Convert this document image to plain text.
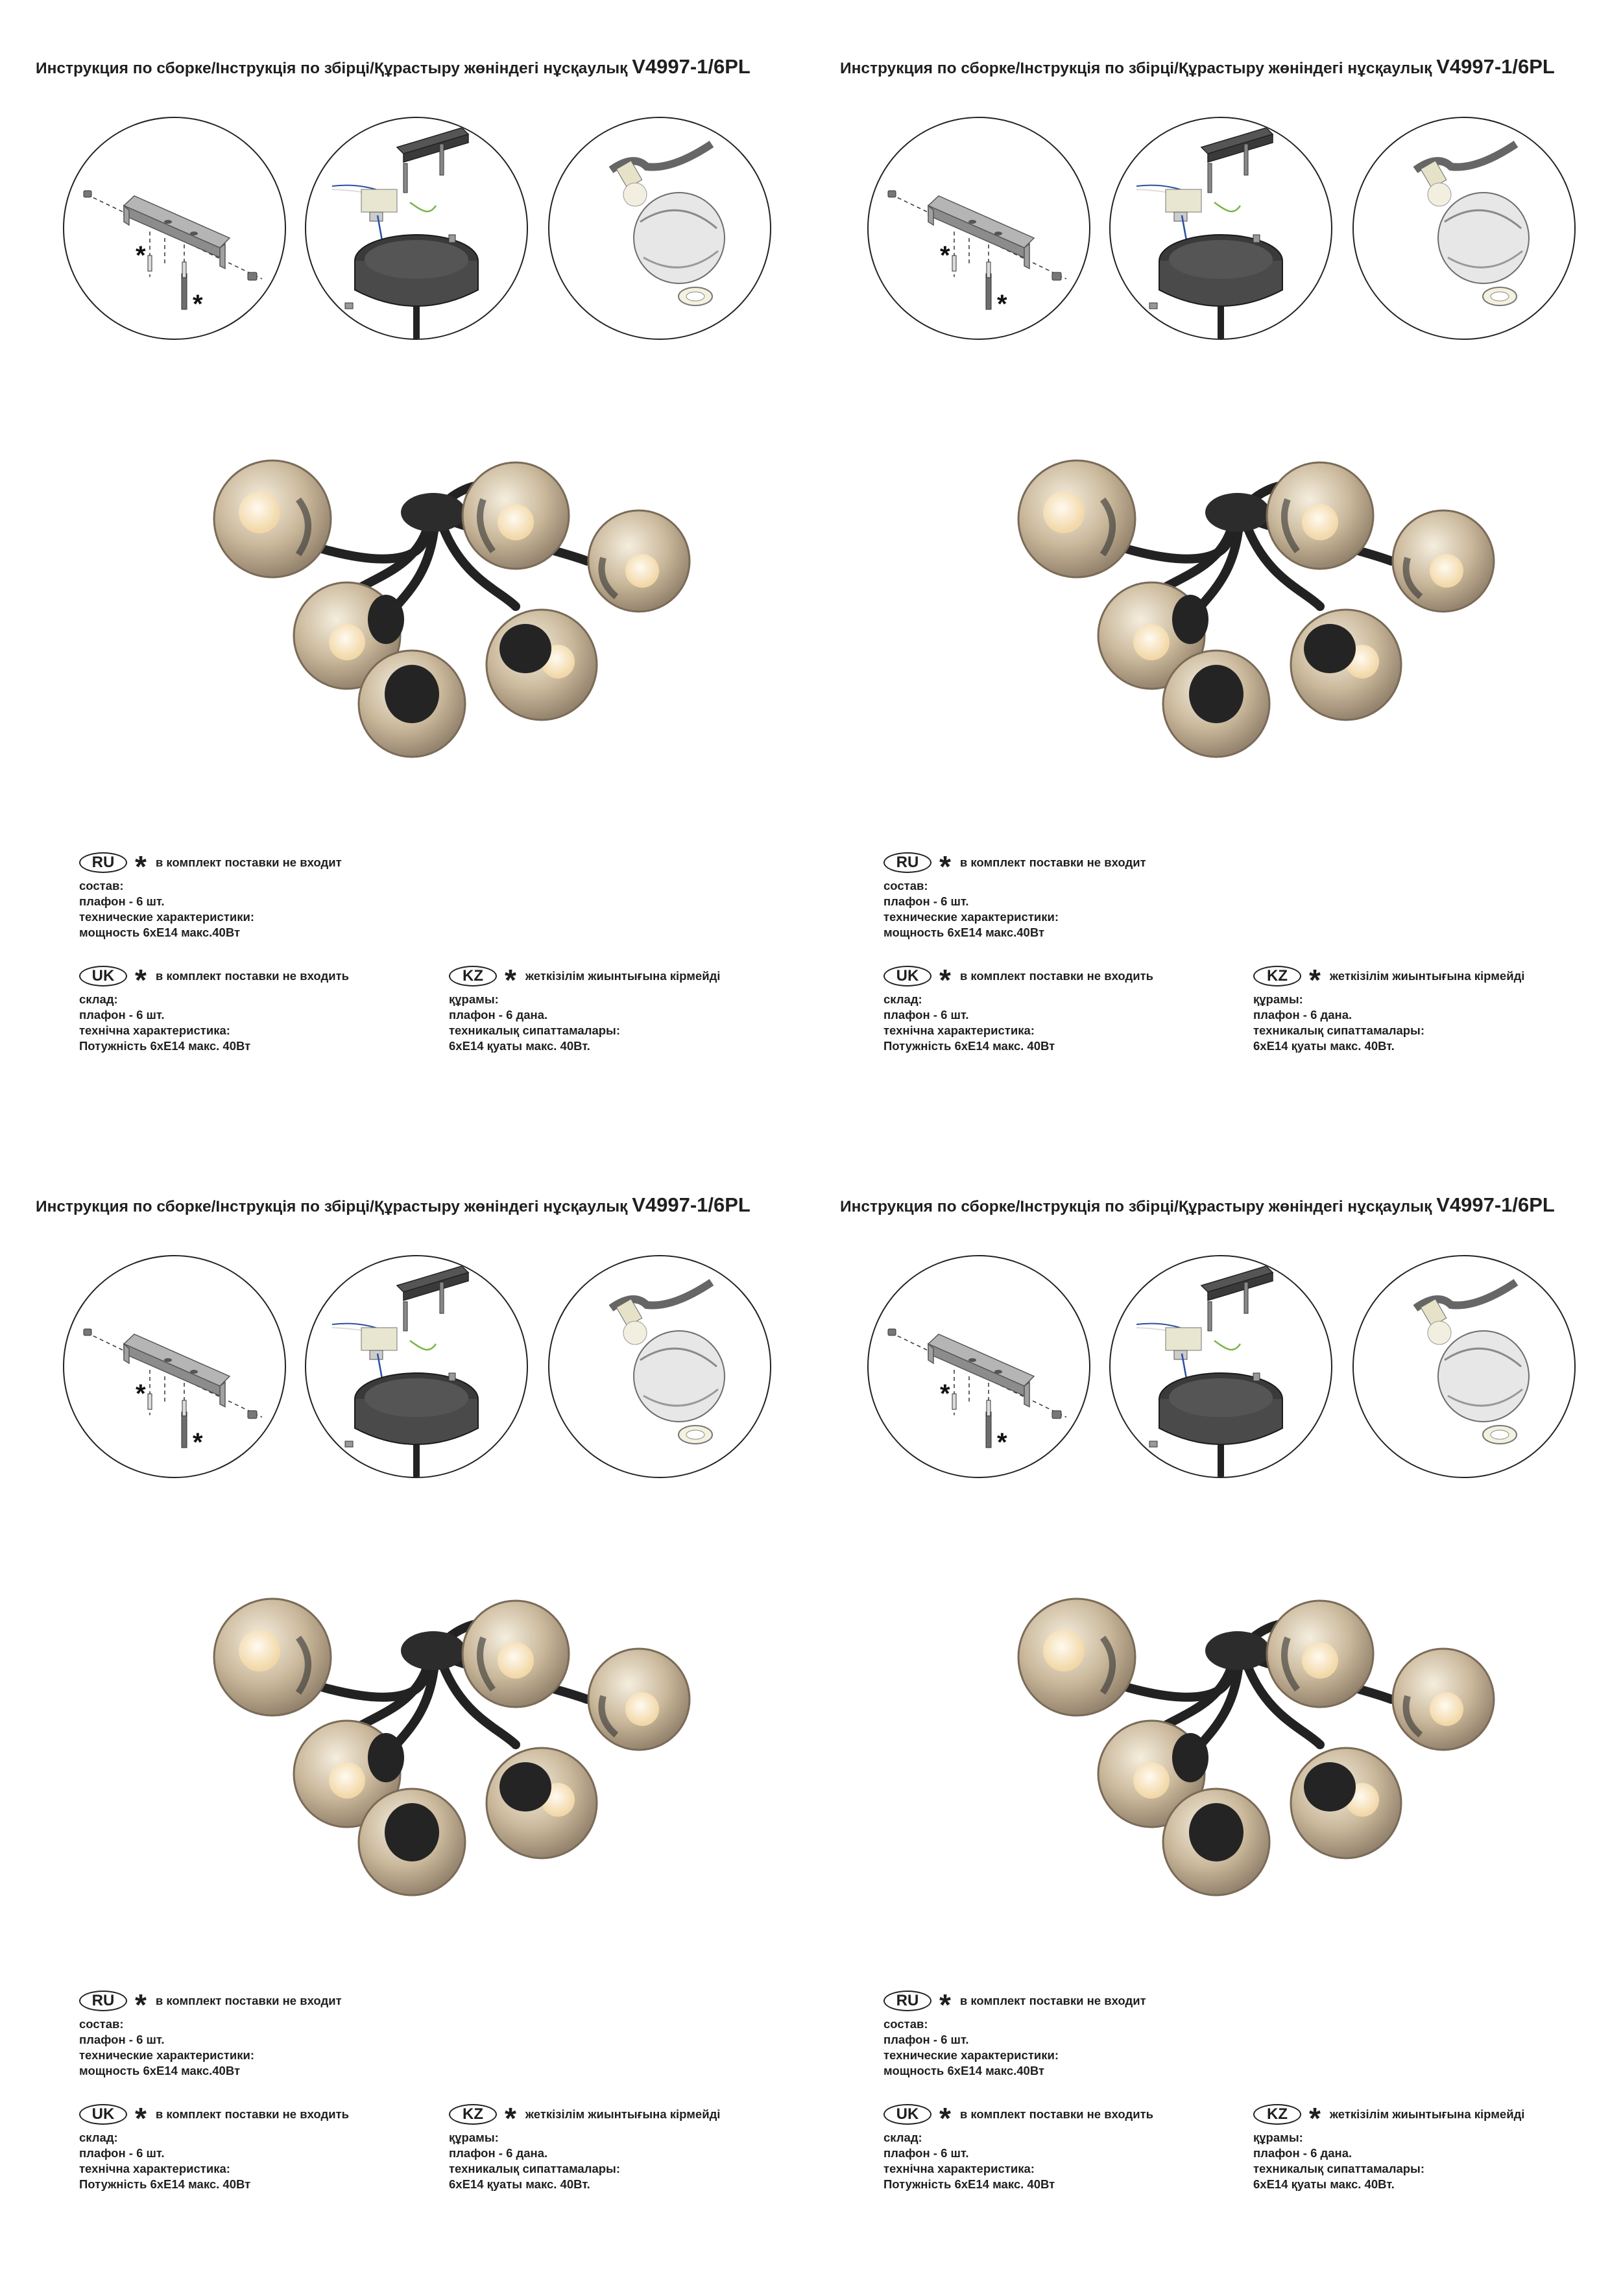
Инструкция по сборке/Інструкція по збірці/Құрастыру жөніндегі нұсқаулық V4997-1/6PL
*
*
RU * в комплект поставки не входит
состав:
плафон - 6 шт.
технические характеристики:
мощность 6хЕ14 макс.40Вт
UK * в комплект поставки не входить
склад:
плафон - 6 шт.
технічна характеристика:
Потужність 6хЕ14 макс. 40Вт
KZ * жеткізілім жиынтығына кірмейді
құрамы:
плафон - 6 дана.
техникалық сипаттамалары:
6хЕ14 қуаты макс. 40Вт.
Инструкция по сборке/Інструкція по збірці/Құрастыру жөніндегі нұсқаулық V4997-1/6PL
*
*
RU * в комплект поставки не входит
состав:
плафон - 6 шт.
технические характеристики:
мощность 6хЕ14 макс.40Вт
UK * в комплект поставки не входить
склад:
плафон - 6 шт.
технічна характеристика:
Потужність 6хЕ14 макс. 40Вт
KZ * жеткізілім жиынтығына кірмейді
құрамы:
плафон - 6 дана.
техникалық сипаттамалары:
6хЕ14 қуаты макс. 40Вт.
Инструкция по сборке/Інструкція по збірці/Құрастыру жөніндегі нұсқаулық V4997-1/6PL
*
*
RU * в комплект поставки не входит
состав:
плафон - 6 шт.
технические характеристики:
мощность 6хЕ14 макс.40Вт
UK * в комплект поставки не входить
склад:
плафон - 6 шт.
технічна характеристика:
Потужність 6хЕ14 макс. 40Вт
KZ * жеткізілім жиынтығына кірмейді
құрамы:
плафон - 6 дана.
техникалық сипаттамалары:
6хЕ14 қуаты макс. 40Вт.
Инструкция по сборке/Інструкція по збірці/Құрастыру жөніндегі нұсқаулық V4997-1/6PL
*
*
RU * в комплект поставки не входит
состав:
плафон - 6 шт.
технические характеристики:
мощность 6хЕ14 макс.40Вт
UK * в комплект поставки не входить
склад:
плафон - 6 шт.
технічна характеристика:
Потужність 6хЕ14 макс. 40Вт
KZ * жеткізілім жиынтығына кірмейді
құрамы:
плафон - 6 дана.
техникалық сипаттамалары:
6хЕ14 қуаты макс. 40Вт.
